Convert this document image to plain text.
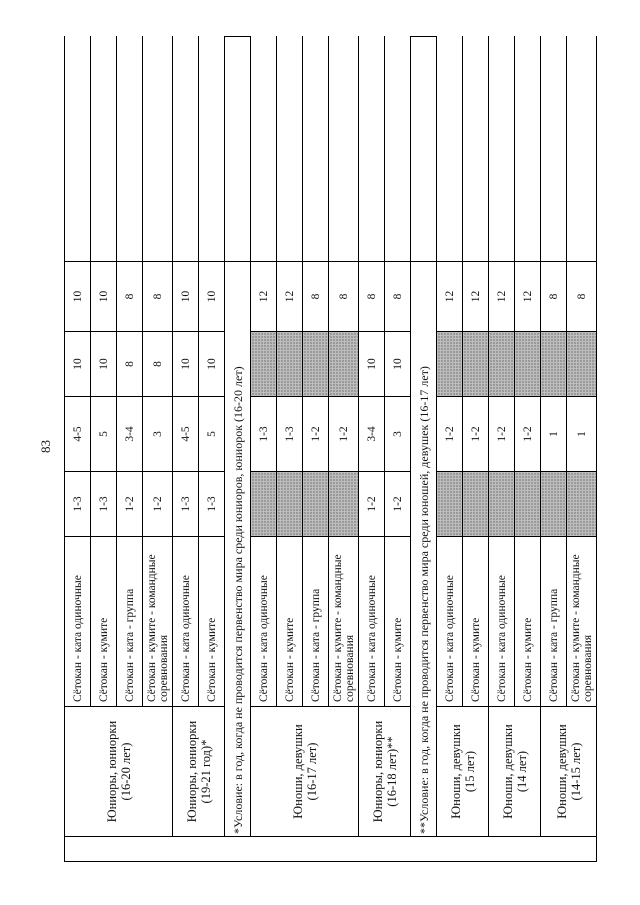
83

	Юниоры, юниорки (16-20 лет)	Сётокан - ката одиночные	1-3	4-5	10	10	
		Сётокан - кумите	1-3	5	10	10	
		Сётокан - ката - группа	1-2	3-4	8	8	
		Сётокан - кумите - командные соревнования	1-2	3	8	8	

	Юниоры, юниорки (19-21 год)*	Сётокан - ката одиночные	1-3	4-5	10	10	
		Сётокан - кумите	1-3	5	10	10	
	*Условие: в год, когда не проводится первенство мира среди юниоров, юниорок (16-20 лет)						

	Юноши, девушки (16-17 лет)	Сётокан - ката одиночные		1-3		12	
		Сётокан - кумите		1-3		12	
		Сётокан - ката - группа		1-2		8	
		Сётокан - кумите - командные соревнования		1-2		8	

	Юниоры, юниорки (16-18 лет)**	Сётокан - ката одиночные	1-2	3-4	10	8	
		Сётокан - кумите	1-2	3	10	8	
	**Условие: в год, когда не проводится первенство мира среди юношей, девушек (16-17 лет)						

	Юноши, девушки (15 лет)	Сётокан - ката одиночные		1-2		12	
		Сётокан - кумите		1-2		12	

	Юноши, девушки (14 лет)	Сётокан - ката одиночные		1-2		12	
		Сётокан - кумите		1-2		12	

	Юноши, девушки (14-15 лет)	Сётокан - ката - группа		1		8	
		Сётокан - кумите - командные соревнования		1		8	
